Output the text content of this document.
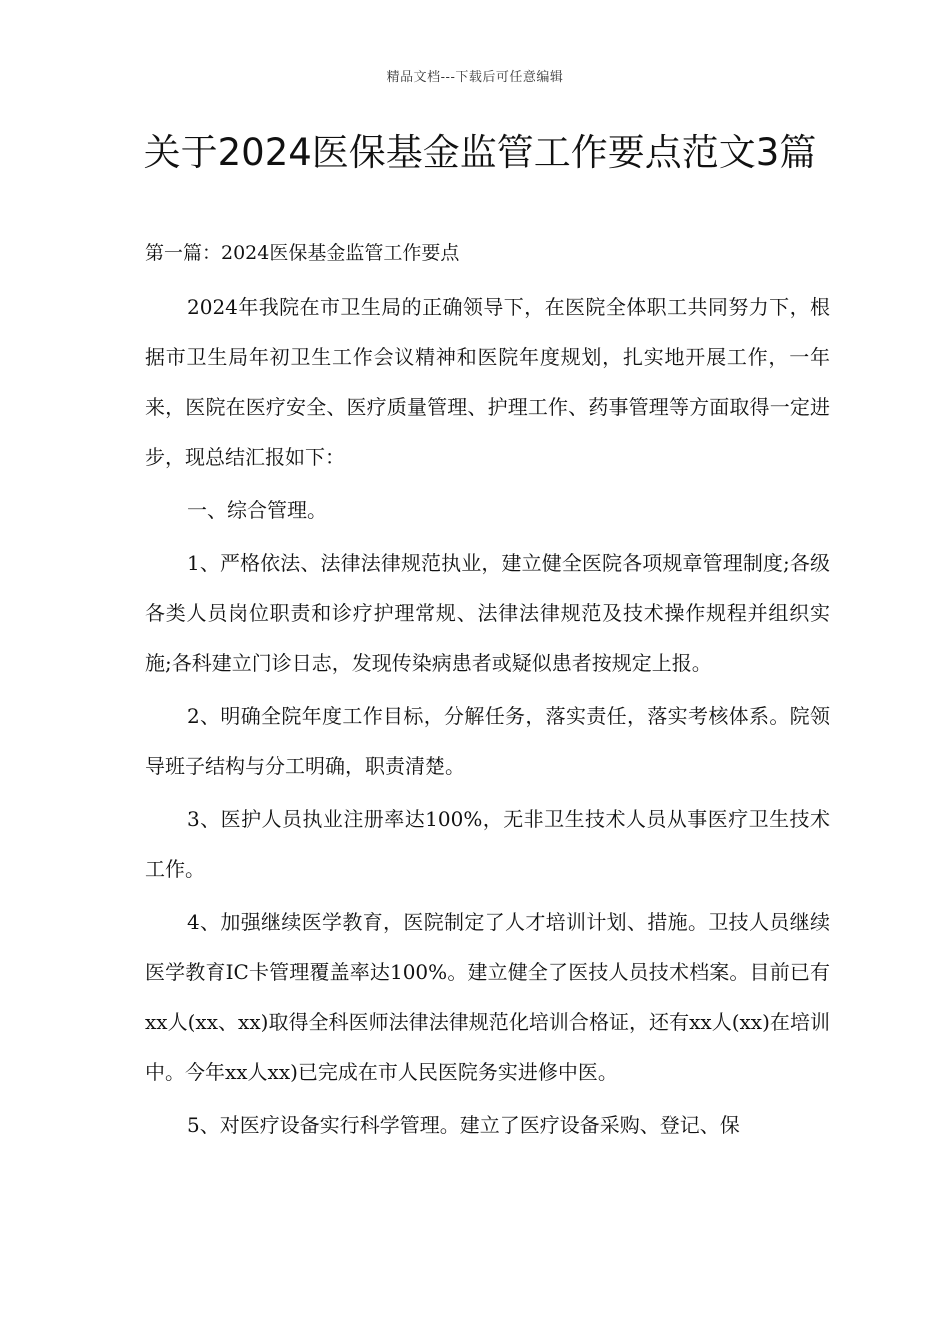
精品文档---下载后可任意编辑
关于2024医保基金监管工作要点范文3篇
第一篇：2024医保基金监管工作要点

2024年我院在市卫生局的正确领导下，在医院全体职工共同努力下，根据市卫生局年初卫生工作会议精神和医院年度规划，扎实地开展工作，一年来，医院在医疗安全、医疗质量管理、护理工作、药事管理等方面取得一定进步，现总结汇报如下：

一、综合管理。

1、严格依法、法律法律规范执业，建立健全医院各项规章管理制度;各级各类人员岗位职责和诊疗护理常规、法律法律规范及技术操作规程并组织实施;各科建立门诊日志，发现传染病患者或疑似患者按规定上报。

2、明确全院年度工作目标，分解任务，落实责任，落实考核体系。院领导班子结构与分工明确，职责清楚。

3、医护人员执业注册率达100%，无非卫生技术人员从事医疗卫生技术工作。

4、加强继续医学教育，医院制定了人才培训计划、措施。卫技人员继续医学教育IC卡管理覆盖率达100%。建立健全了医技人员技术档案。目前已有xx人(xx、xx)取得全科医师法律法律规范化培训合格证，还有xx人(xx)在培训中。今年xx人xx)已完成在市人民医院务实进修中医。

5、对医疗设备实行科学管理。建立了医疗设备采购、登记、保
